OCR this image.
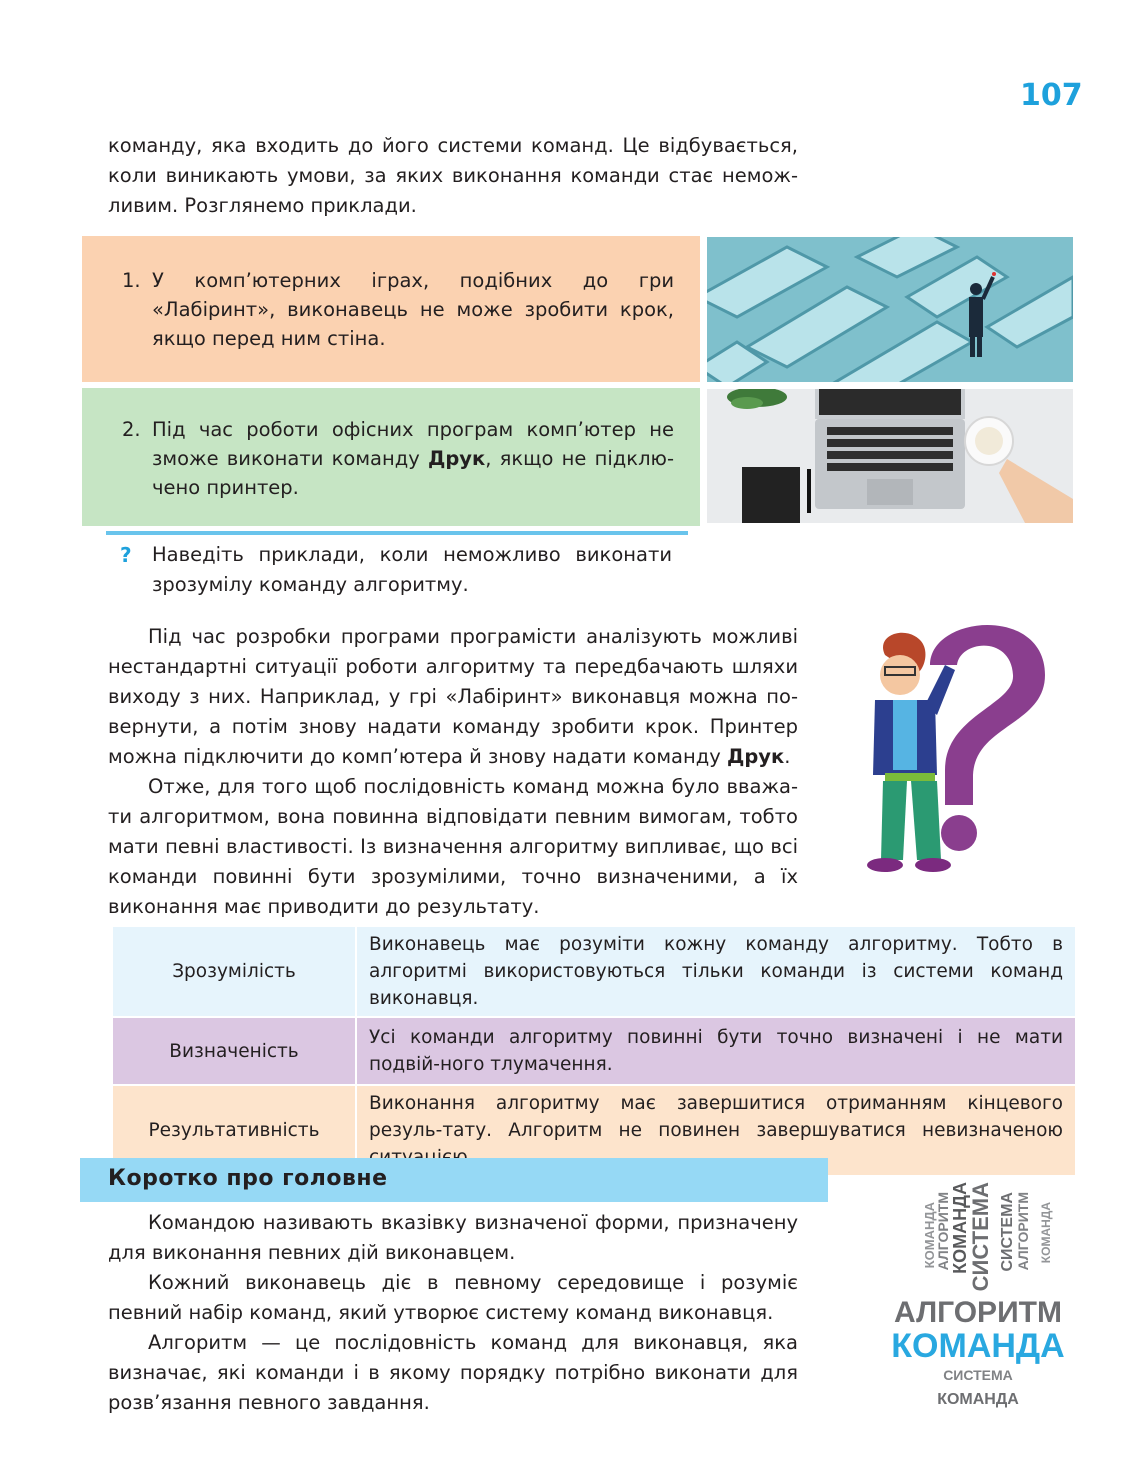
107

команду, яка входить до його системи команд. Це відбувається, коли виникають умови, за яких виконання команди стає немож-ливим. Розглянемо приклади.

1. У комп’ютерних іграх, подібних до гри «Лабіринт», виконавець не може зробити крок, якщо перед ним стіна.
2. Під час роботи офісних програм комп’ютер не зможе виконати команду Друк, якщо не підклю-чено принтер.
? Наведіть приклади, коли неможливо виконати зрозумілу команду алгоритму.

Під час розробки програми програмісти аналізують можливі нестандартні ситуації роботи алгоритму та передбачають шляхи виходу з них. Наприклад, у грі «Лабіринт» виконавця можна по-вернути, а потім знову надати команду зробити крок. Принтер можна підключити до комп’ютера й знову надати команду Друк.
Отже, для того щоб послідовність команд можна було вважа-ти алгоритмом, вона повинна відповідати певним вимогам, тобто мати певні властивості. Із визначення алгоритму випливає, що всі команди повинні бути зрозумілими, точно визначеними, а їх виконання має приводити до результату.
Зрозумілість	Виконавець має розуміти кожну команду алгоритму. Тобто в алгоритмі використовуються тільки команди із системи команд виконавця.
Визначеність	Усі команди алгоритму повинні бути точно визначені і не мати подвій-ного тлумачення.
Результативність	Виконання алгоритму має завершитися отриманням кінцевого резуль-тату. Алгоритм не повинен завершуватися невизначеною
Коротко про головне
Командою називають вказівку визначеної форми, призначену для виконання певних дій виконавцем.
Кожний виконавець діє в певному середовище і розуміє певний набір команд, який утворює систему команд виконавця.
Алгоритм — це послідовність команд для виконавця, яка визначає, які команди і в якому порядку потрібно виконати для розв’язання певного завдання.
СИСТЕМА
КОМАНДА
АЛГОРИТМ
КОМАНДА	АЛГОРИТМ
СИСТЕМА КОМАНДА
АЛГОРИТМ
КОМАНДА
СИСТЕМА
КОМАНДА
